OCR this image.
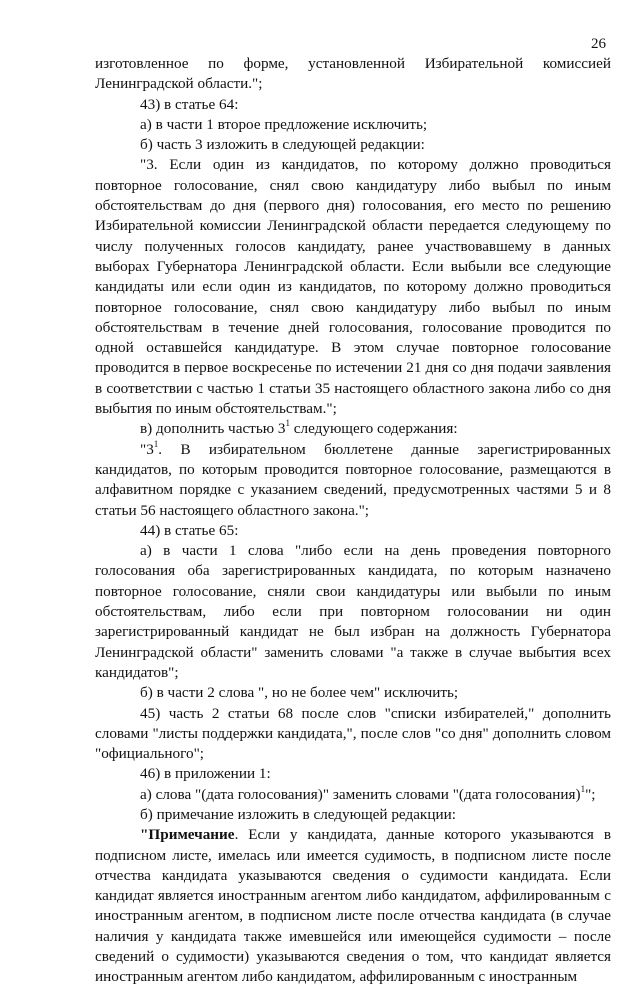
26

изготовленное по форме, установленной Избирательной комиссией Ленинградской области.";

43) в статье 64:

а) в части 1 второе предложение исключить;

б) часть 3 изложить в следующей редакции:

"3. Если один из кандидатов, по которому должно проводиться повторное голосование, снял свою кандидатуру либо выбыл по иным обстоятельствам до дня (первого дня) голосования, его место по решению Избирательной комиссии Ленинградской области передается следующему по числу полученных голосов кандидату, ранее участвовавшему в данных выборах Губернатора Ленинградской области. Если выбыли все следующие кандидаты или если один из кандидатов, по которому должно проводиться повторное голосование, снял свою кандидатуру либо выбыл по иным обстоятельствам в течение дней голосования, голосование проводится по одной оставшейся кандидатуре. В этом случае повторное голосование проводится в первое воскресенье по истечении 21 дня со дня подачи заявления в соответствии с частью 1 статьи 35 настоящего областного закона либо со дня выбытия по иным обстоятельствам.";

в) дополнить частью $3^1$ следующего содержания:

"$3^1$. В избирательном бюллетене данные зарегистрированных кандидатов, по которым проводится повторное голосование, размещаются в алфавитном порядке с указанием сведений, предусмотренных частями 5 и 8 статьи 56 настоящего областного закона.";

44) в статье 65:

а) в части 1 слова "либо если на день проведения повторного голосования оба зарегистрированных кандидата, по которым назначено повторное голосование, сняли свои кандидатуры или выбыли по иным обстоятельствам, либо если при повторном голосовании ни один зарегистрированный кандидат не был избран на должность Губернатора Ленинградской области" заменить словами "а также в случае выбытия всех кандидатов";

б) в части 2 слова ", но не более чем" исключить;

45) часть 2 статьи 68 после слов "списки избирателей," дополнить словами "листы поддержки кандидата,", после слов "со дня" дополнить словом "официального";

46) в приложении 1:

а) слова "(дата голосования)" заменить словами "(дата голосования)$^1$";

б) примечание изложить в следующей редакции:

"Примечание. Если у кандидата, данные которого указываются в подписном листе, имелась или имеется судимость, в подписном листе после отчества кандидата указываются сведения о судимости кандидата. Если кандидат является иностранным агентом либо кандидатом, аффилированным с иностранным агентом, в подписном листе после отчества кандидата (в случае наличия у кандидата также имевшейся или имеющейся судимости – после сведений о судимости) указываются сведения о том, что кандидат является иностранным агентом либо кандидатом, аффилированным с иностранным
